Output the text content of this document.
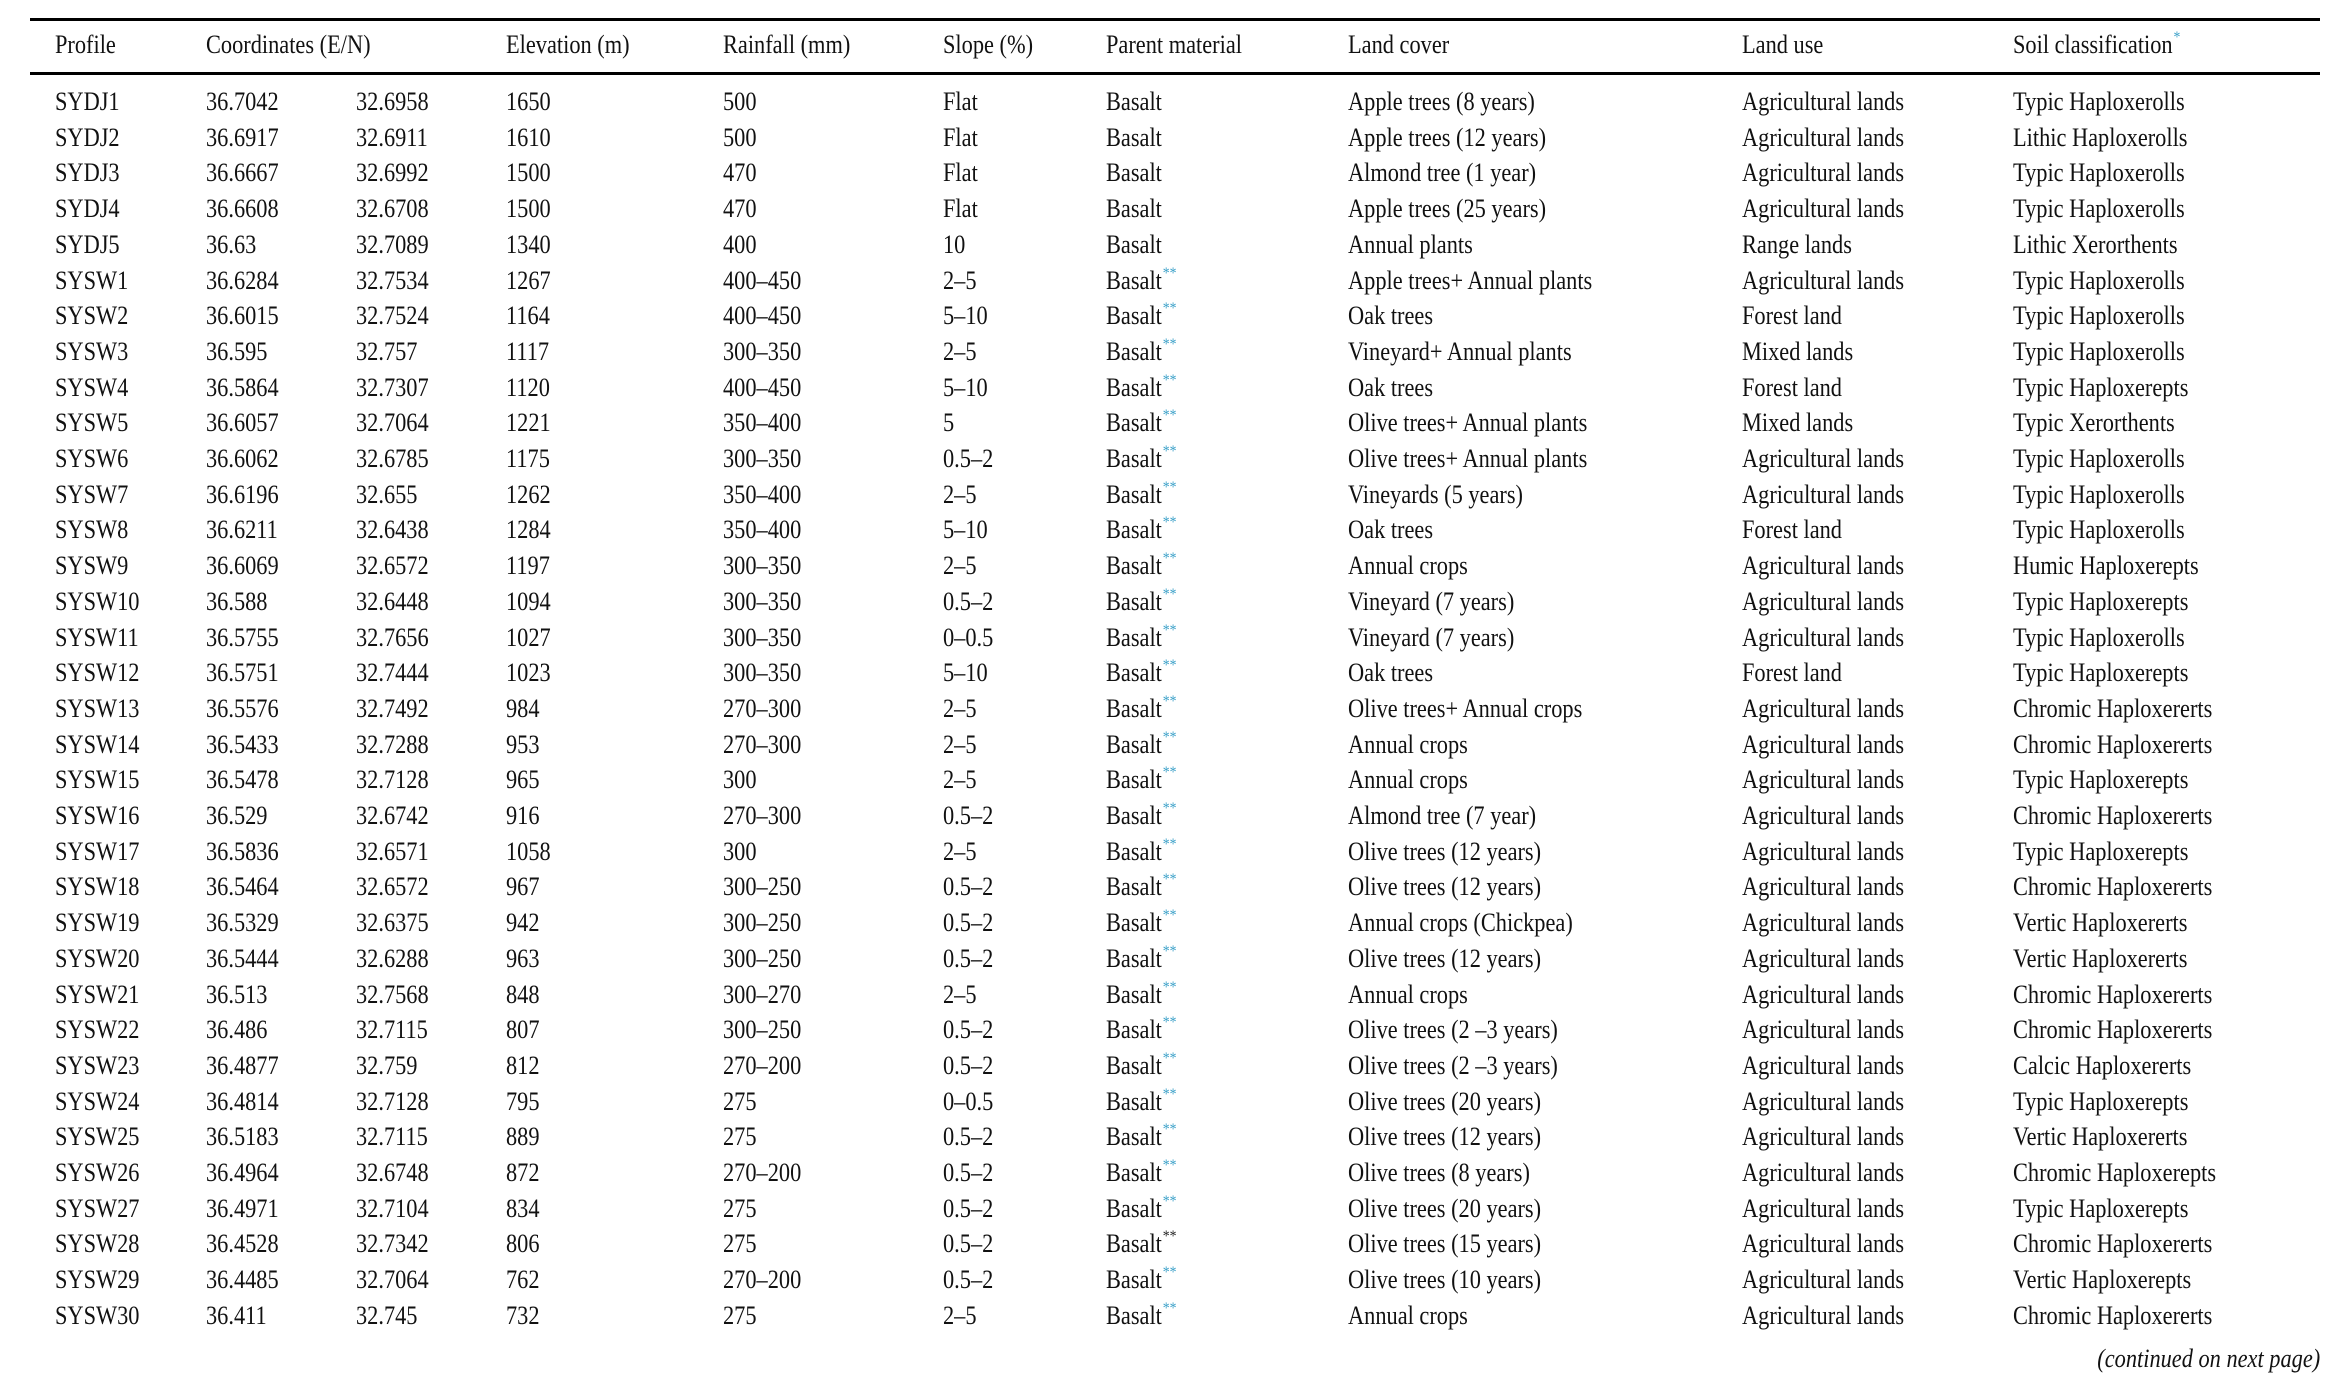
Profile	Coordinates (E/N)	Elevation (m)	Rainfall (mm)	Slope (%)	Parent material	Land cover	Land use	Soil classification*
SYDJ1	36.7042	32.6958	1650	500	Flat	Basalt	Apple trees (8 years)	Agricultural lands	Typic Haploxerolls
SYDJ2	36.6917	32.6911	1610	500	Flat	Basalt	Apple trees (12 years)	Agricultural lands	Lithic Haploxerolls
SYDJ3	36.6667	32.6992	1500	470	Flat	Basalt	Almond tree (1 year)	Agricultural lands	Typic Haploxerolls
SYDJ4	36.6608	32.6708	1500	470	Flat	Basalt	Apple trees (25 years)	Agricultural lands	Typic Haploxerolls
SYDJ5	36.63	32.7089	1340	400	10	Basalt	Annual plants	Range lands	Lithic Xerorthents
SYSW1	36.6284	32.7534	1267	400–450	2–5	Basalt**	Apple trees+ Annual plants	Agricultural lands	Typic Haploxerolls
SYSW2	36.6015	32.7524	1164	400–450	5–10	Basalt**	Oak trees	Forest land	Typic Haploxerolls
SYSW3	36.595	32.757	1117	300–350	2–5	Basalt**	Vineyard+ Annual plants	Mixed lands	Typic Haploxerolls
SYSW4	36.5864	32.7307	1120	400–450	5–10	Basalt**	Oak trees	Forest land	Typic Haploxerepts
SYSW5	36.6057	32.7064	1221	350–400	5	Basalt**	Olive trees+ Annual plants	Mixed lands	Typic Xerorthents
SYSW6	36.6062	32.6785	1175	300–350	0.5–2	Basalt**	Olive trees+ Annual plants	Agricultural lands	Typic Haploxerolls
SYSW7	36.6196	32.655	1262	350–400	2–5	Basalt**	Vineyards (5 years)	Agricultural lands	Typic Haploxerolls
SYSW8	36.6211	32.6438	1284	350–400	5–10	Basalt**	Oak trees	Forest land	Typic Haploxerolls
SYSW9	36.6069	32.6572	1197	300–350	2–5	Basalt**	Annual crops	Agricultural lands	Humic Haploxerepts
SYSW10	36.588	32.6448	1094	300–350	0.5–2	Basalt**	Vineyard (7 years)	Agricultural lands	Typic Haploxerepts
SYSW11	36.5755	32.7656	1027	300–350	0–0.5	Basalt**	Vineyard (7 years)	Agricultural lands	Typic Haploxerolls
SYSW12	36.5751	32.7444	1023	300–350	5–10	Basalt**	Oak trees	Forest land	Typic Haploxerepts
SYSW13	36.5576	32.7492	984	270–300	2–5	Basalt**	Olive trees+ Annual crops	Agricultural lands	Chromic Haploxererts
SYSW14	36.5433	32.7288	953	270–300	2–5	Basalt**	Annual crops	Agricultural lands	Chromic Haploxererts
SYSW15	36.5478	32.7128	965	300	2–5	Basalt**	Annual crops	Agricultural lands	Typic Haploxerepts
SYSW16	36.529	32.6742	916	270–300	0.5–2	Basalt**	Almond tree (7 year)	Agricultural lands	Chromic Haploxererts
SYSW17	36.5836	32.6571	1058	300	2–5	Basalt**	Olive trees (12 years)	Agricultural lands	Typic Haploxerepts
SYSW18	36.5464	32.6572	967	300–250	0.5–2	Basalt**	Olive trees (12 years)	Agricultural lands	Chromic Haploxererts
SYSW19	36.5329	32.6375	942	300–250	0.5–2	Basalt**	Annual crops (Chickpea)	Agricultural lands	Vertic Haploxererts
SYSW20	36.5444	32.6288	963	300–250	0.5–2	Basalt**	Olive trees (12 years)	Agricultural lands	Vertic Haploxererts
SYSW21	36.513	32.7568	848	300–270	2–5	Basalt**	Annual crops	Agricultural lands	Chromic Haploxererts
SYSW22	36.486	32.7115	807	300–250	0.5–2	Basalt**	Olive trees (2 –3 years)	Agricultural lands	Chromic Haploxererts
SYSW23	36.4877	32.759	812	270–200	0.5–2	Basalt**	Olive trees (2 –3 years)	Agricultural lands	Calcic Haploxererts
SYSW24	36.4814	32.7128	795	275	0–0.5	Basalt**	Olive trees (20 years)	Agricultural lands	Typic Haploxerepts
SYSW25	36.5183	32.7115	889	275	0.5–2	Basalt**	Olive trees (12 years)	Agricultural lands	Vertic Haploxererts
SYSW26	36.4964	32.6748	872	270–200	0.5–2	Basalt**	Olive trees (8 years)	Agricultural lands	Chromic Haploxerepts
SYSW27	36.4971	32.7104	834	275	0.5–2	Basalt**	Olive trees (20 years)	Agricultural lands	Typic Haploxerepts
SYSW28	36.4528	32.7342	806	275	0.5–2	Basalt**	Olive trees (15 years)	Agricultural lands	Chromic Haploxererts
SYSW29	36.4485	32.7064	762	270–200	0.5–2	Basalt**	Olive trees (10 years)	Agricultural lands	Vertic Haploxerepts
SYSW30	36.411	32.745	732	275	2–5	Basalt**	Annual crops	Agricultural lands	Chromic Haploxererts
(continued on next page)
